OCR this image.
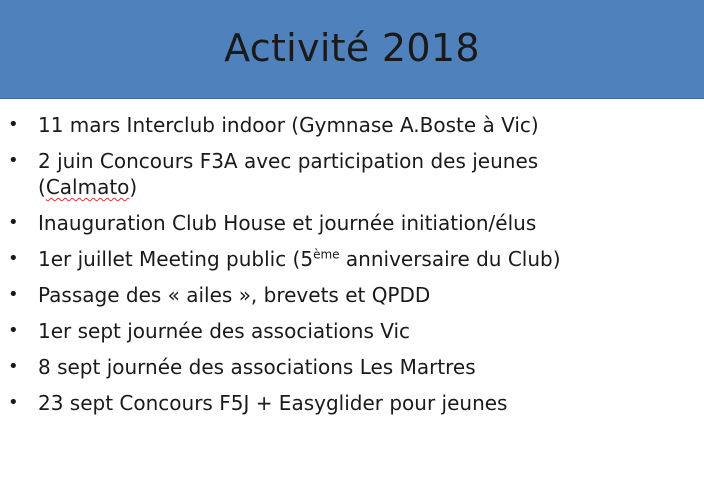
Activité 2018
• 11 mars Interclub indoor (Gymnase A.Boste à Vic)
• 2 juin Concours F3A avec participation des jeunes
(Calmato)
• Inauguration Club House et journée initiation/élus
• 1er juillet Meeting public (5ème anniversaire du Club)
• Passage des « ailes », brevets et QPDD
• 1er sept journée des associations Vic
• 8 sept journée des associations Les Martres
• 23 sept Concours F5J + Easyglider pour jeunes
